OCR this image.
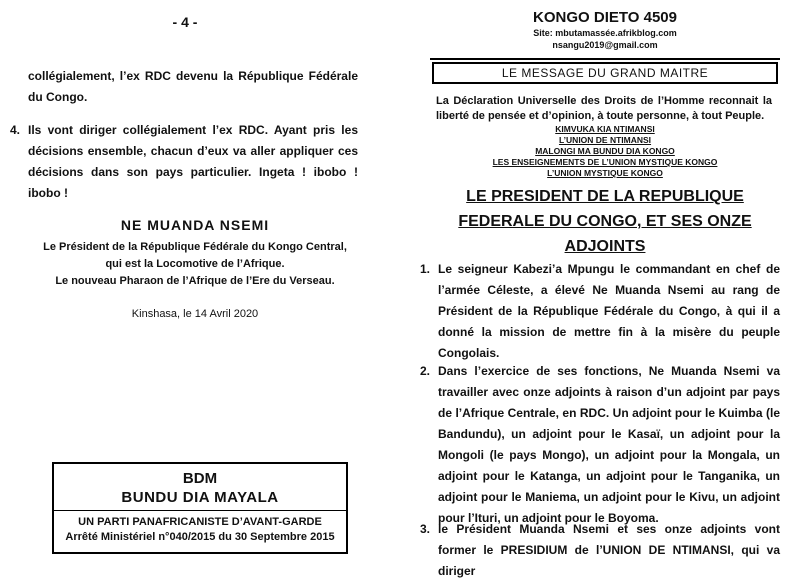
- 4 -
collégialement, l’ex RDC devenu la République Fédérale du Congo.
4. Ils vont diriger collégialement l’ex RDC. Ayant pris les décisions ensemble, chacun d’eux va aller appliquer ces décisions dans son pays particulier. Ingeta ! ibobo ! ibobo !
NE MUANDA NSEMI
Le Président de la République Fédérale du Kongo Central,
qui est la Locomotive de l’Afrique.
Le nouveau Pharaon de l’Afrique de l’Ere du Verseau.
Kinshasa, le 14 Avril 2020
BDM
BUNDU DIA MAYALA
UN PARTI PANAFRICANISTE D’AVANT-GARDE
Arrêté Ministériel n°040/2015 du 30 Septembre 2015
KONGO DIETO 4509
Site: mbutamassée.afrikblog.com
nsangu2019@gmail.com
LE MESSAGE DU GRAND MAITRE
La Déclaration Universelle des Droits de l’Homme reconnait la liberté de pensée et d’opinion, à toute personne, à tout Peuple.
KIMVUKA KIA NTIMANSI
L’UNION DE NTIMANSI
MALONGI MA BUNDU DIA KONGO
LES ENSEIGNEMENTS DE L’UNION MYSTIQUE KONGO
L’UNION MYSTIQUE KONGO
LE PRESIDENT DE LA REPUBLIQUE
FEDERALE DU CONGO, ET SES ONZE
ADJOINTS
1. Le seigneur Kabezi’a Mpungu le commandant en chef de l’armée Céleste, a élevé Ne Muanda Nsemi au rang de Président de la République Fédérale du Congo, à qui il a donné la mission de mettre fin à la misère du peuple Congolais.
2. Dans l’exercice de ses fonctions, Ne Muanda Nsemi va travailler avec onze adjoints à raison d’un adjoint par pays de l’Afrique Centrale, en RDC. Un adjoint pour le Kuimba (le Bandundu), un adjoint pour le Kasaï, un adjoint pour la Mongoli (le pays Mongo), un adjoint pour la Mongala, un adjoint pour le Katanga, un adjoint pour le Tanganika, un adjoint pour le Maniema, un adjoint pour le Kivu, un adjoint pour l’Ituri, un adjoint pour le Boyoma.
3. le Président Muanda Nsemi et ses onze adjoints vont former le PRESIDIUM de l’UNION DE NTIMANSI, qui va diriger
